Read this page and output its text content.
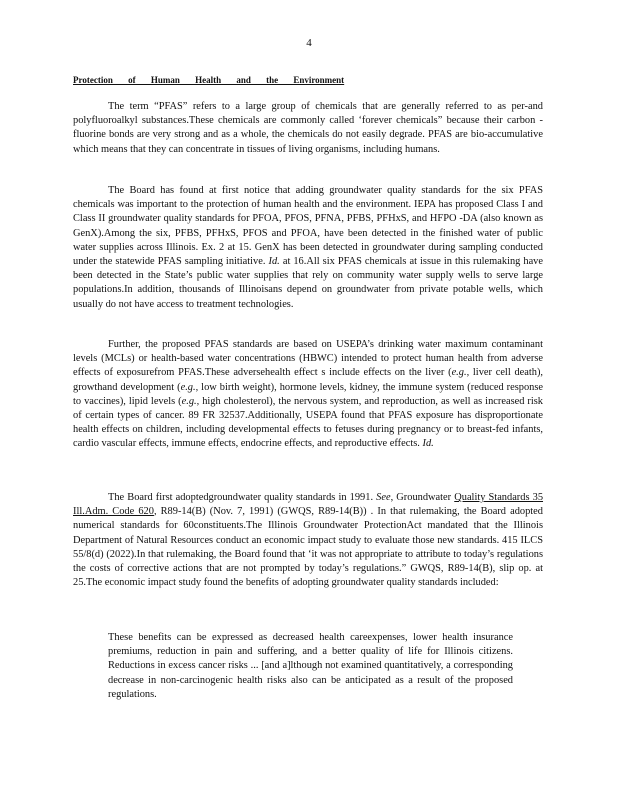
4
Protection of Human Health and the Environment

The term “PFAS” refers to a large group of chemicals that are generally referred to as per-and polyfluoroalkyl substances.These chemicals are commonly called ‘forever chemicals” because their carbon -fluorine bonds are very strong and as a whole, the chemicals do not easily degrade. PFAS are bio-accumulative which means that they can concentrate in tissues of living organisms, including humans.

The Board has found at first notice that adding groundwater quality standards for the six PFAS chemicals was important to the protection of human health and the environment. IEPA has proposed Class I and Class II groundwater quality standards for PFOA, PFOS, PFNA, PFBS, PFHxS, and HFPO -DA (also known as GenX).Among the six, PFBS, PFHxS, PFOS and PFOA, have been detected in the finished water of public water supplies across Illinois. Ex. 2 at 15. GenX has been detected in groundwater during sampling conducted under the statewide PFAS sampling initiative. Id. at 16.All six PFAS chemicals at issue in this rulemaking have been detected in the State’s public water supplies that rely on community water supply wells to serve large populations.In addition, thousands of Illinoisans depend on groundwater from private potable wells, which usually do not have access to treatment technologies.

Further, the proposed PFAS standards are based on USEPA’s drinking water maximum contaminant levels (MCLs) or health-based water concentrations (HBWC) intended to protect human health from adverse effects of exposurefrom PFAS.These adversehealth effect s include effects on the liver (e.g., liver cell death), growthand development (e.g., low birth weight), hormone levels, kidney, the immune system (reduced response to vaccines), lipid levels (e.g., high cholesterol), the nervous system, and reproduction, as well as increased risk of certain types of cancer. 89 FR 32537.Additionally, USEPA found that PFAS exposure has disproportionate health effects on children, including developmental effects to fetuses during pregnancy or to breast-fed infants, cardio vascular effects, immune effects, endocrine effects, and reproductive effects. Id.

The Board first adoptedgroundwater quality standards in 1991. See, Groundwater Quality Standards 35 Ill.Adm. Code 620, R89-14(B) (Nov. 7, 1991) (GWQS, R89-14(B)) . In that rulemaking, the Board adopted numerical standards for 60constituents.The Illinois Groundwater ProtectionAct mandated that the Illinois Department of Natural Resources conduct an economic impact study to evaluate those new standards. 415 ILCS 55/8(d) (2022).In that rulemaking, the Board found that ‘it was not appropriate to attribute to today’s regulations the costs of corrective actions that are not prompted by today’s regulations.” GWQS, R89-14(B), slip op. at 25.The economic impact study found the benefits of adopting groundwater quality standards included:

These benefits can be expressed as decreased health careexpenses, lower health insurance premiums, reduction in pain and suffering, and a better quality of life for Illinois citizens. Reductions in excess cancer risks ... [and a]lthough not examined quantitatively, a corresponding decrease in non-carcinogenic health risks also can be anticipated as a result of the proposed regulations.
